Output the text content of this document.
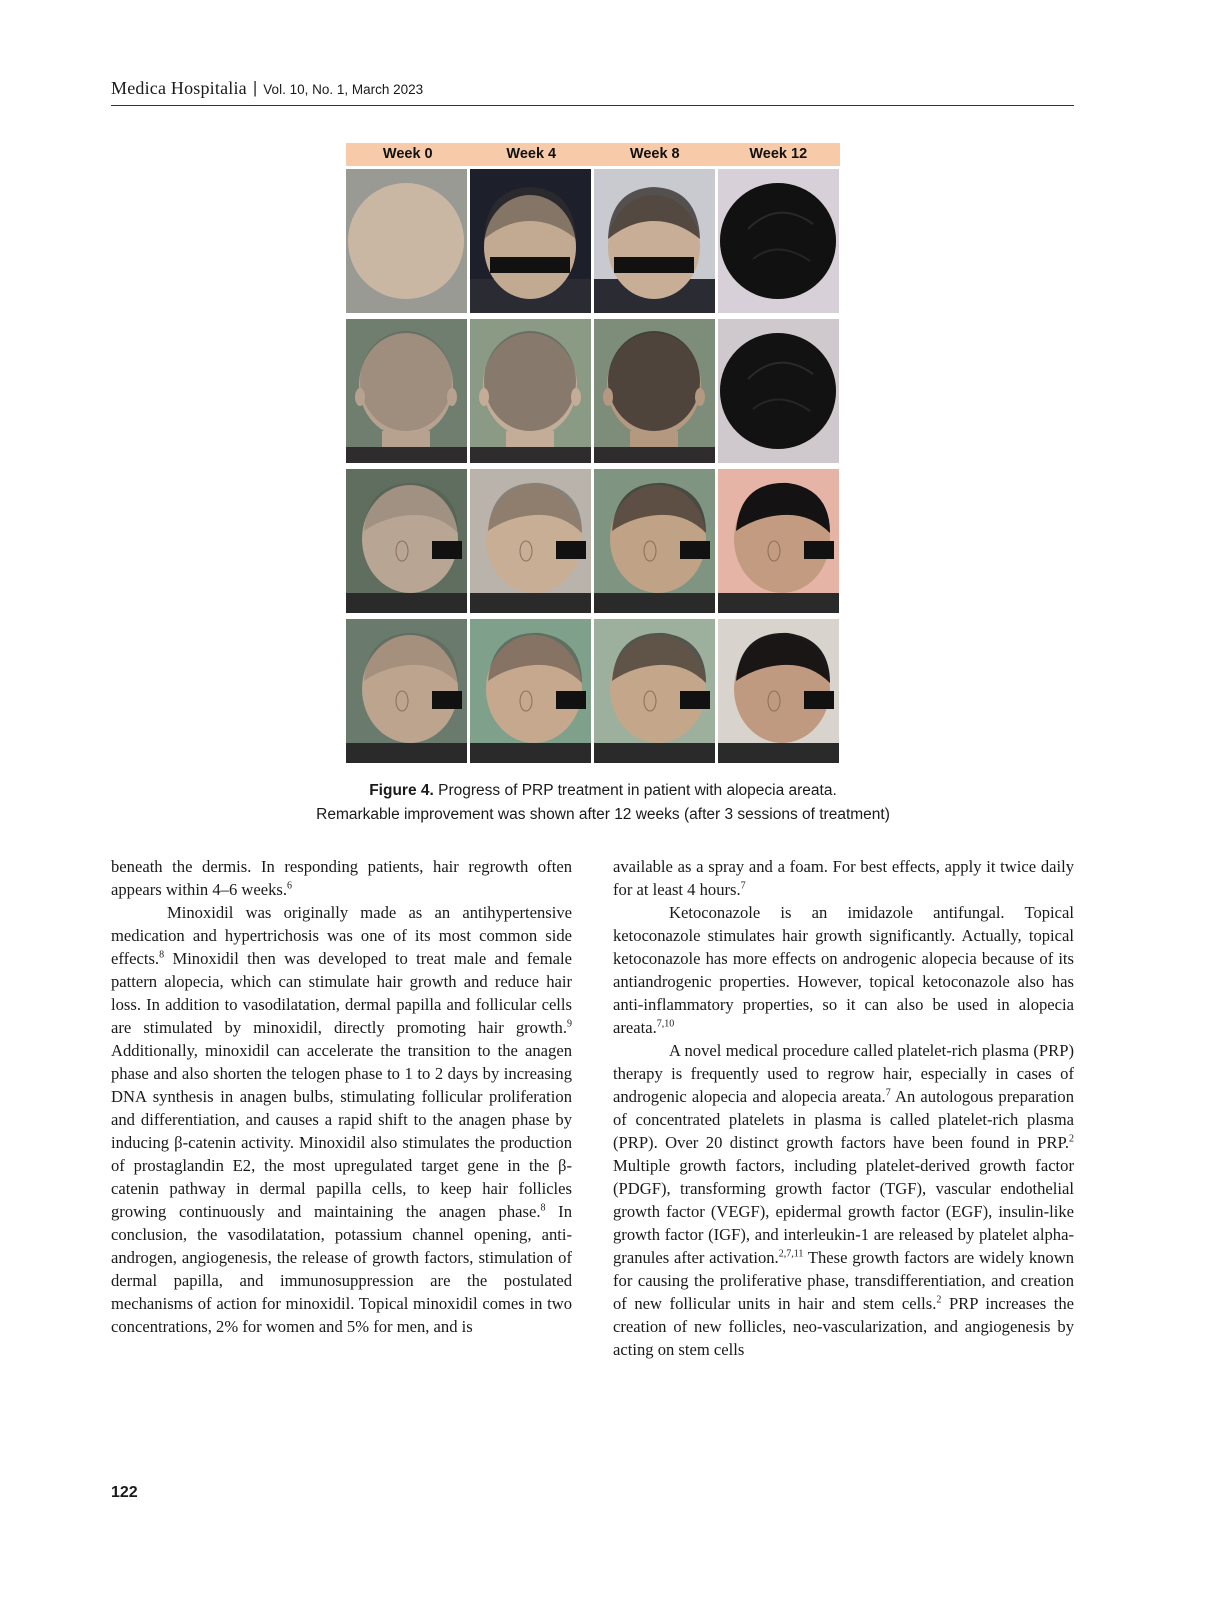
Medica Hospitalia | Vol. 10, No. 1, March 2023
Week 0	Week 4	Week 8	Week 12
Figure 4. Progress of PRP treatment in patient with alopecia areata.
Remarkable improvement was shown after 12 weeks (after 3 sessions of treatment)

beneath the dermis. In responding patients, hair regrowth often appears within 4–6 weeks.$^6$

Minoxidil was originally made as an antihypertensive medication and hypertrichosis was one of its most common side effects.$^8$ Minoxidil then was developed to treat male and female pattern alopecia, which can stimulate hair growth and reduce hair loss. In addition to vasodilatation, dermal papilla and follicular cells are stimulated by minoxidil, directly promoting hair growth.$^9$ Additionally, minoxidil can accelerate the transition to the anagen phase and also shorten the telogen phase to 1 to 2 days by increasing DNA synthesis in anagen bulbs, stimulating follicular proliferation and differentiation, and causes a rapid shift to the anagen phase by inducing β-catenin activity. Minoxidil also stimulates the production of prostaglandin E2, the most upregulated target gene in the β-catenin pathway in dermal papilla cells, to keep hair follicles growing continuously and maintaining the anagen phase.$^8$ In conclusion, the vasodilatation, potassium channel opening, anti-androgen, angiogenesis, the release of growth factors, stimulation of dermal papilla, and immunosuppression are the postulated mechanisms of action for minoxidil. Topical minoxidil comes in two concentrations, 2% for women and 5% for men, and is

available as a spray and a foam. For best effects, apply it twice daily for at least 4 hours.$^7$

Ketoconazole is an imidazole antifungal. Topical ketoconazole stimulates hair growth significantly. Actually, topical ketoconazole has more effects on androgenic alopecia because of its antiandrogenic properties. However, topical ketoconazole also has anti-inflammatory properties, so it can also be used in alopecia areata.$^{7,10}$

A novel medical procedure called platelet-rich plasma (PRP) therapy is frequently used to regrow hair, especially in cases of androgenic alopecia and alopecia areata.$^7$ An autologous preparation of concentrated platelets in plasma is called platelet-rich plasma (PRP). Over 20 distinct growth factors have been found in PRP.$^2$ Multiple growth factors, including platelet-derived growth factor (PDGF), transforming growth factor (TGF), vascular endothelial growth factor (VEGF), epidermal growth factor (EGF), insulin-like growth factor (IGF), and interleukin-1 are released by platelet alpha-granules after activation.$^{2,7,11}$ These growth factors are widely known for causing the proliferative phase, transdifferentiation, and creation of new follicular units in hair and stem cells.$^2$ PRP increases the creation of new follicles, neo-vascularization, and angiogenesis by acting on stem cells

122
